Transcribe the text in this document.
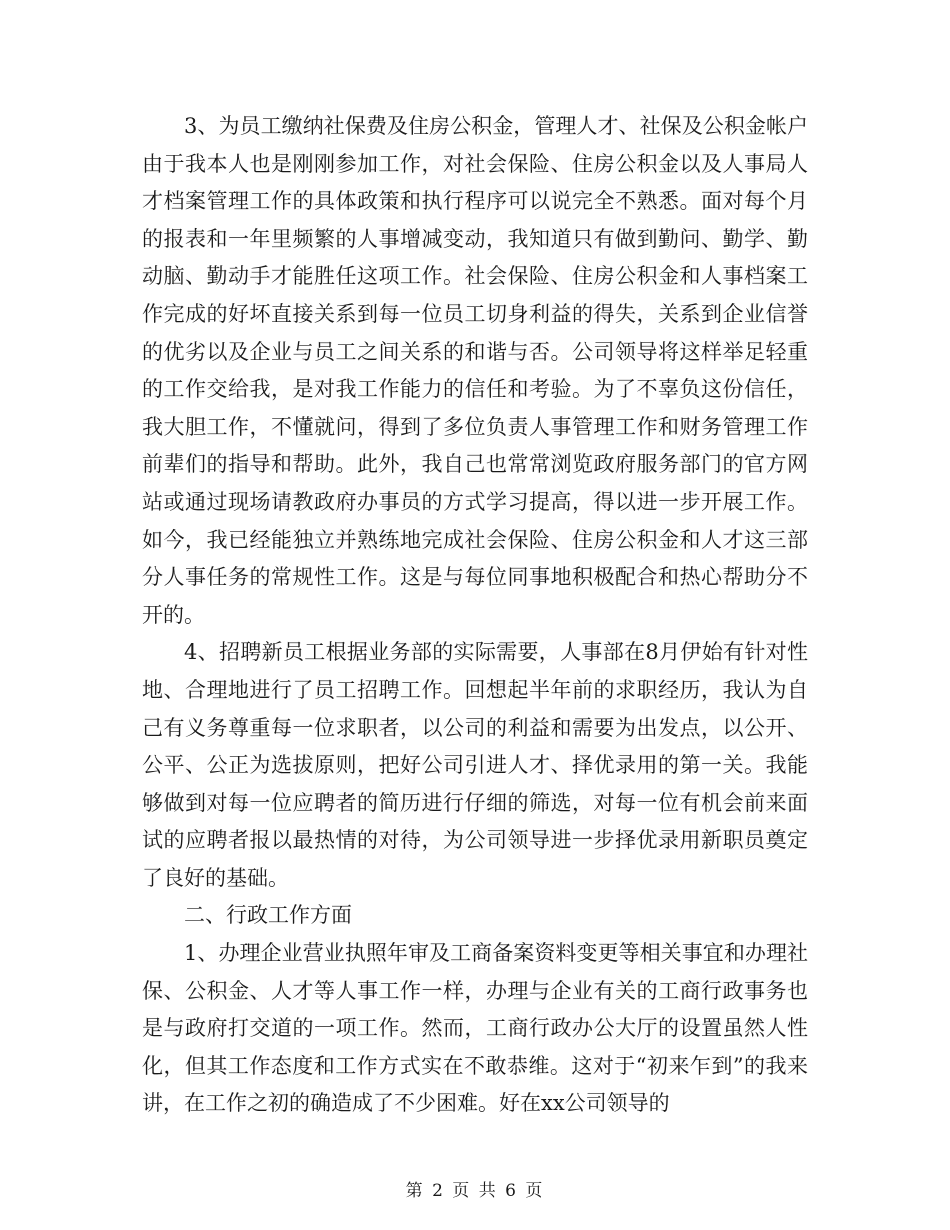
3、为员工缴纳社保费及住房公积金，管理人才、社保及公积金帐户由于我本人也是刚刚参加工作，对社会保险、住房公积金以及人事局人才档案管理工作的具体政策和执行程序可以说完全不熟悉。面对每个月的报表和一年里频繁的人事增减变动，我知道只有做到勤问、勤学、勤动脑、勤动手才能胜任这项工作。社会保险、住房公积金和人事档案工作完成的好坏直接关系到每一位员工切身利益的得失，关系到企业信誉的优劣以及企业与员工之间关系的和谐与否。公司领导将这样举足轻重的工作交给我，是对我工作能力的信任和考验。为了不辜负这份信任，我大胆工作，不懂就问，得到了多位负责人事管理工作和财务管理工作前辈们的指导和帮助。此外，我自己也常常浏览政府服务部门的官方网站或通过现场请教政府办事员的方式学习提高，得以进一步开展工作。如今，我已经能独立并熟练地完成社会保险、住房公积金和人才这三部分人事任务的常规性工作。这是与每位同事地积极配合和热心帮助分不开的。

4、招聘新员工根据业务部的实际需要，人事部在8月伊始有针对性地、合理地进行了员工招聘工作。回想起半年前的求职经历，我认为自己有义务尊重每一位求职者，以公司的利益和需要为出发点，以公开、公平、公正为选拔原则，把好公司引进人才、择优录用的第一关。我能够做到对每一位应聘者的简历进行仔细的筛选，对每一位有机会前来面试的应聘者报以最热情的对待，为公司领导进一步择优录用新职员奠定了良好的基础。

二、行政工作方面

1、办理企业营业执照年审及工商备案资料变更等相关事宜和办理社保、公积金、人才等人事工作一样，办理与企业有关的工商行政事务也是与政府打交道的一项工作。然而，工商行政办公大厅的设置虽然人性化，但其工作态度和工作方式实在不敢恭维。这对于“初来乍到”的我来讲，在工作之初的确造成了不少困难。好在xx公司领导的

第 2 页 共 6 页
